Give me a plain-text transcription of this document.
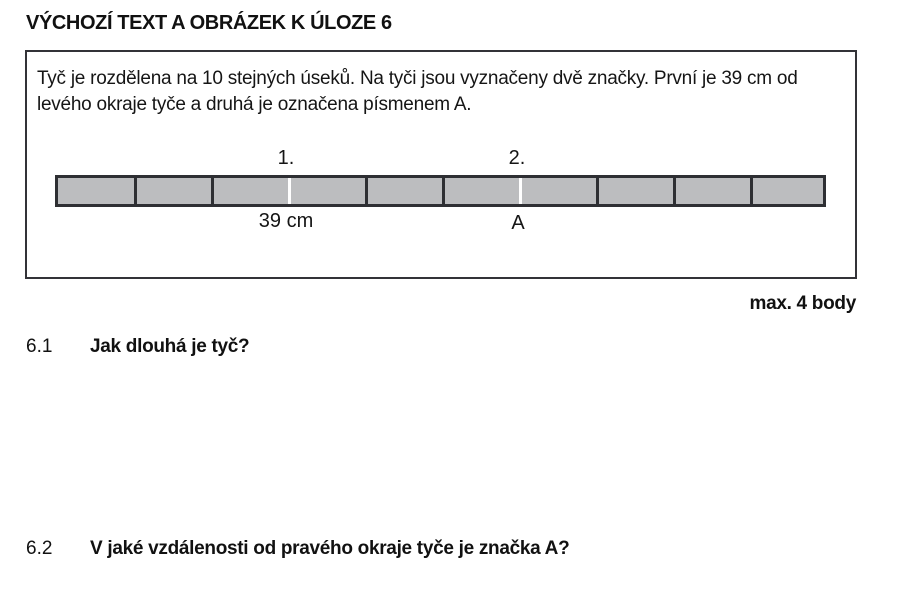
VÝCHOZÍ TEXT A OBRÁZEK K ÚLOZE 6
Tyč je rozdělena na 10 stejných úseků. Na tyči jsou vyznačeny dvě značky. První je 39 cm od levého okraje tyče a druhá je označena písmenem A.
1.	2.
39 cm	A
max. 4 body
6.1 Jak dlouhá je tyč?
6.2 V jaké vzdálenosti od pravého okraje tyče je značka A?
